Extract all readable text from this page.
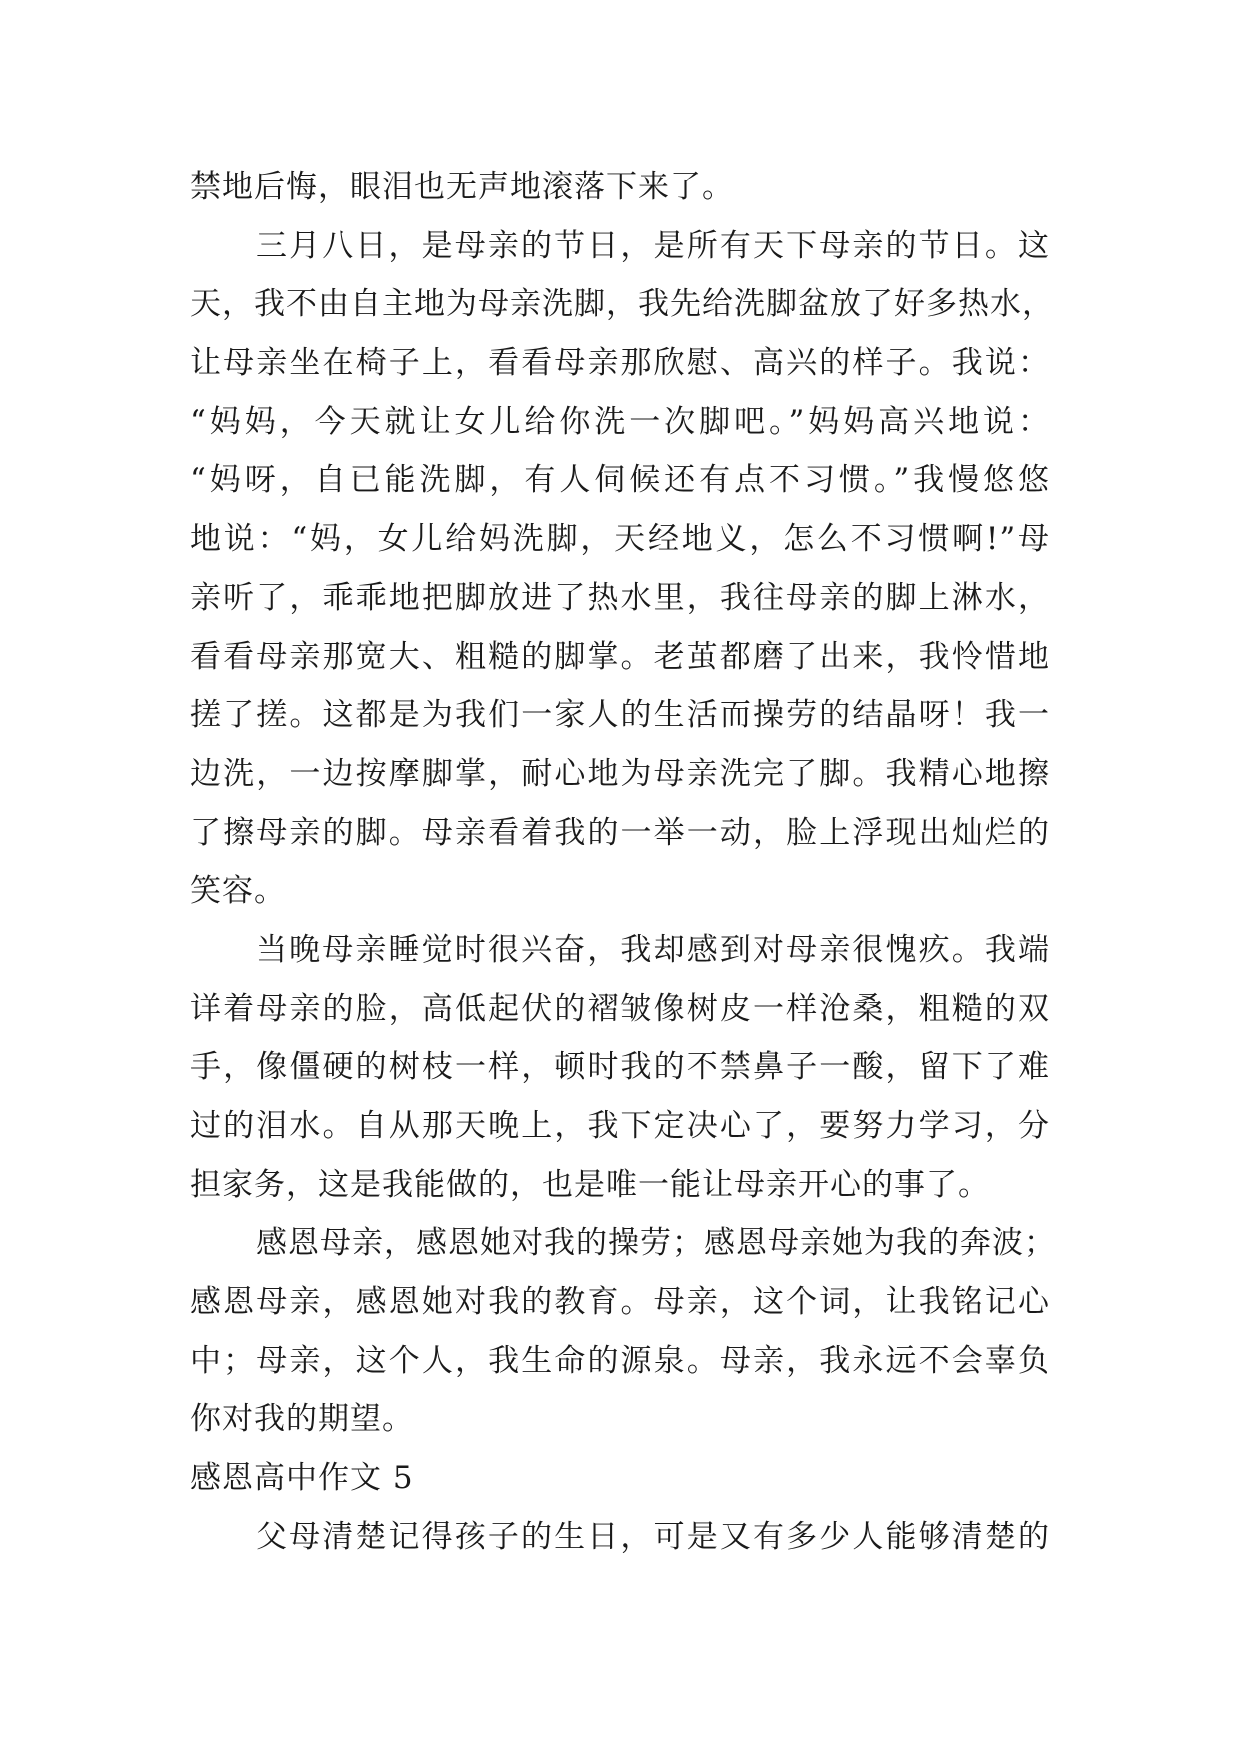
禁地后悔，眼泪也无声地滚落下来了。
三月八日，是母亲的节日，是所有天下母亲的节日。这
天，我不由自主地为母亲洗脚，我先给洗脚盆放了好多热水，
让母亲坐在椅子上，看看母亲那欣慰、高兴的样子。我说：
“妈妈，今天就让女儿给你洗一次脚吧。”妈妈高兴地说：
“妈呀，自已能洗脚，有人伺候还有点不习惯。”我慢悠悠
地说：“妈，女儿给妈洗脚，天经地义，怎么不习惯啊!”母
亲听了，乖乖地把脚放进了热水里，我往母亲的脚上淋水，
看看母亲那宽大、粗糙的脚掌。老茧都磨了出来，我怜惜地
搓了搓。这都是为我们一家人的生活而操劳的结晶呀！我一
边洗，一边按摩脚掌，耐心地为母亲洗完了脚。我精心地擦
了擦母亲的脚。母亲看着我的一举一动，脸上浮现出灿烂的
笑容。
当晚母亲睡觉时很兴奋，我却感到对母亲很愧疚。我端
详着母亲的脸，高低起伏的褶皱像树皮一样沧桑，粗糙的双
手，像僵硬的树枝一样，顿时我的不禁鼻子一酸，留下了难
过的泪水。自从那天晚上，我下定决心了，要努力学习，分
担家务，这是我能做的，也是唯一能让母亲开心的事了。
感恩母亲，感恩她对我的操劳；感恩母亲她为我的奔波；
感恩母亲，感恩她对我的教育。母亲，这个词，让我铭记心
中；母亲，这个人，我生命的源泉。母亲，我永远不会辜负
你对我的期望。
感恩高中作文 5
父母清楚记得孩子的生日，可是又有多少人能够清楚的
